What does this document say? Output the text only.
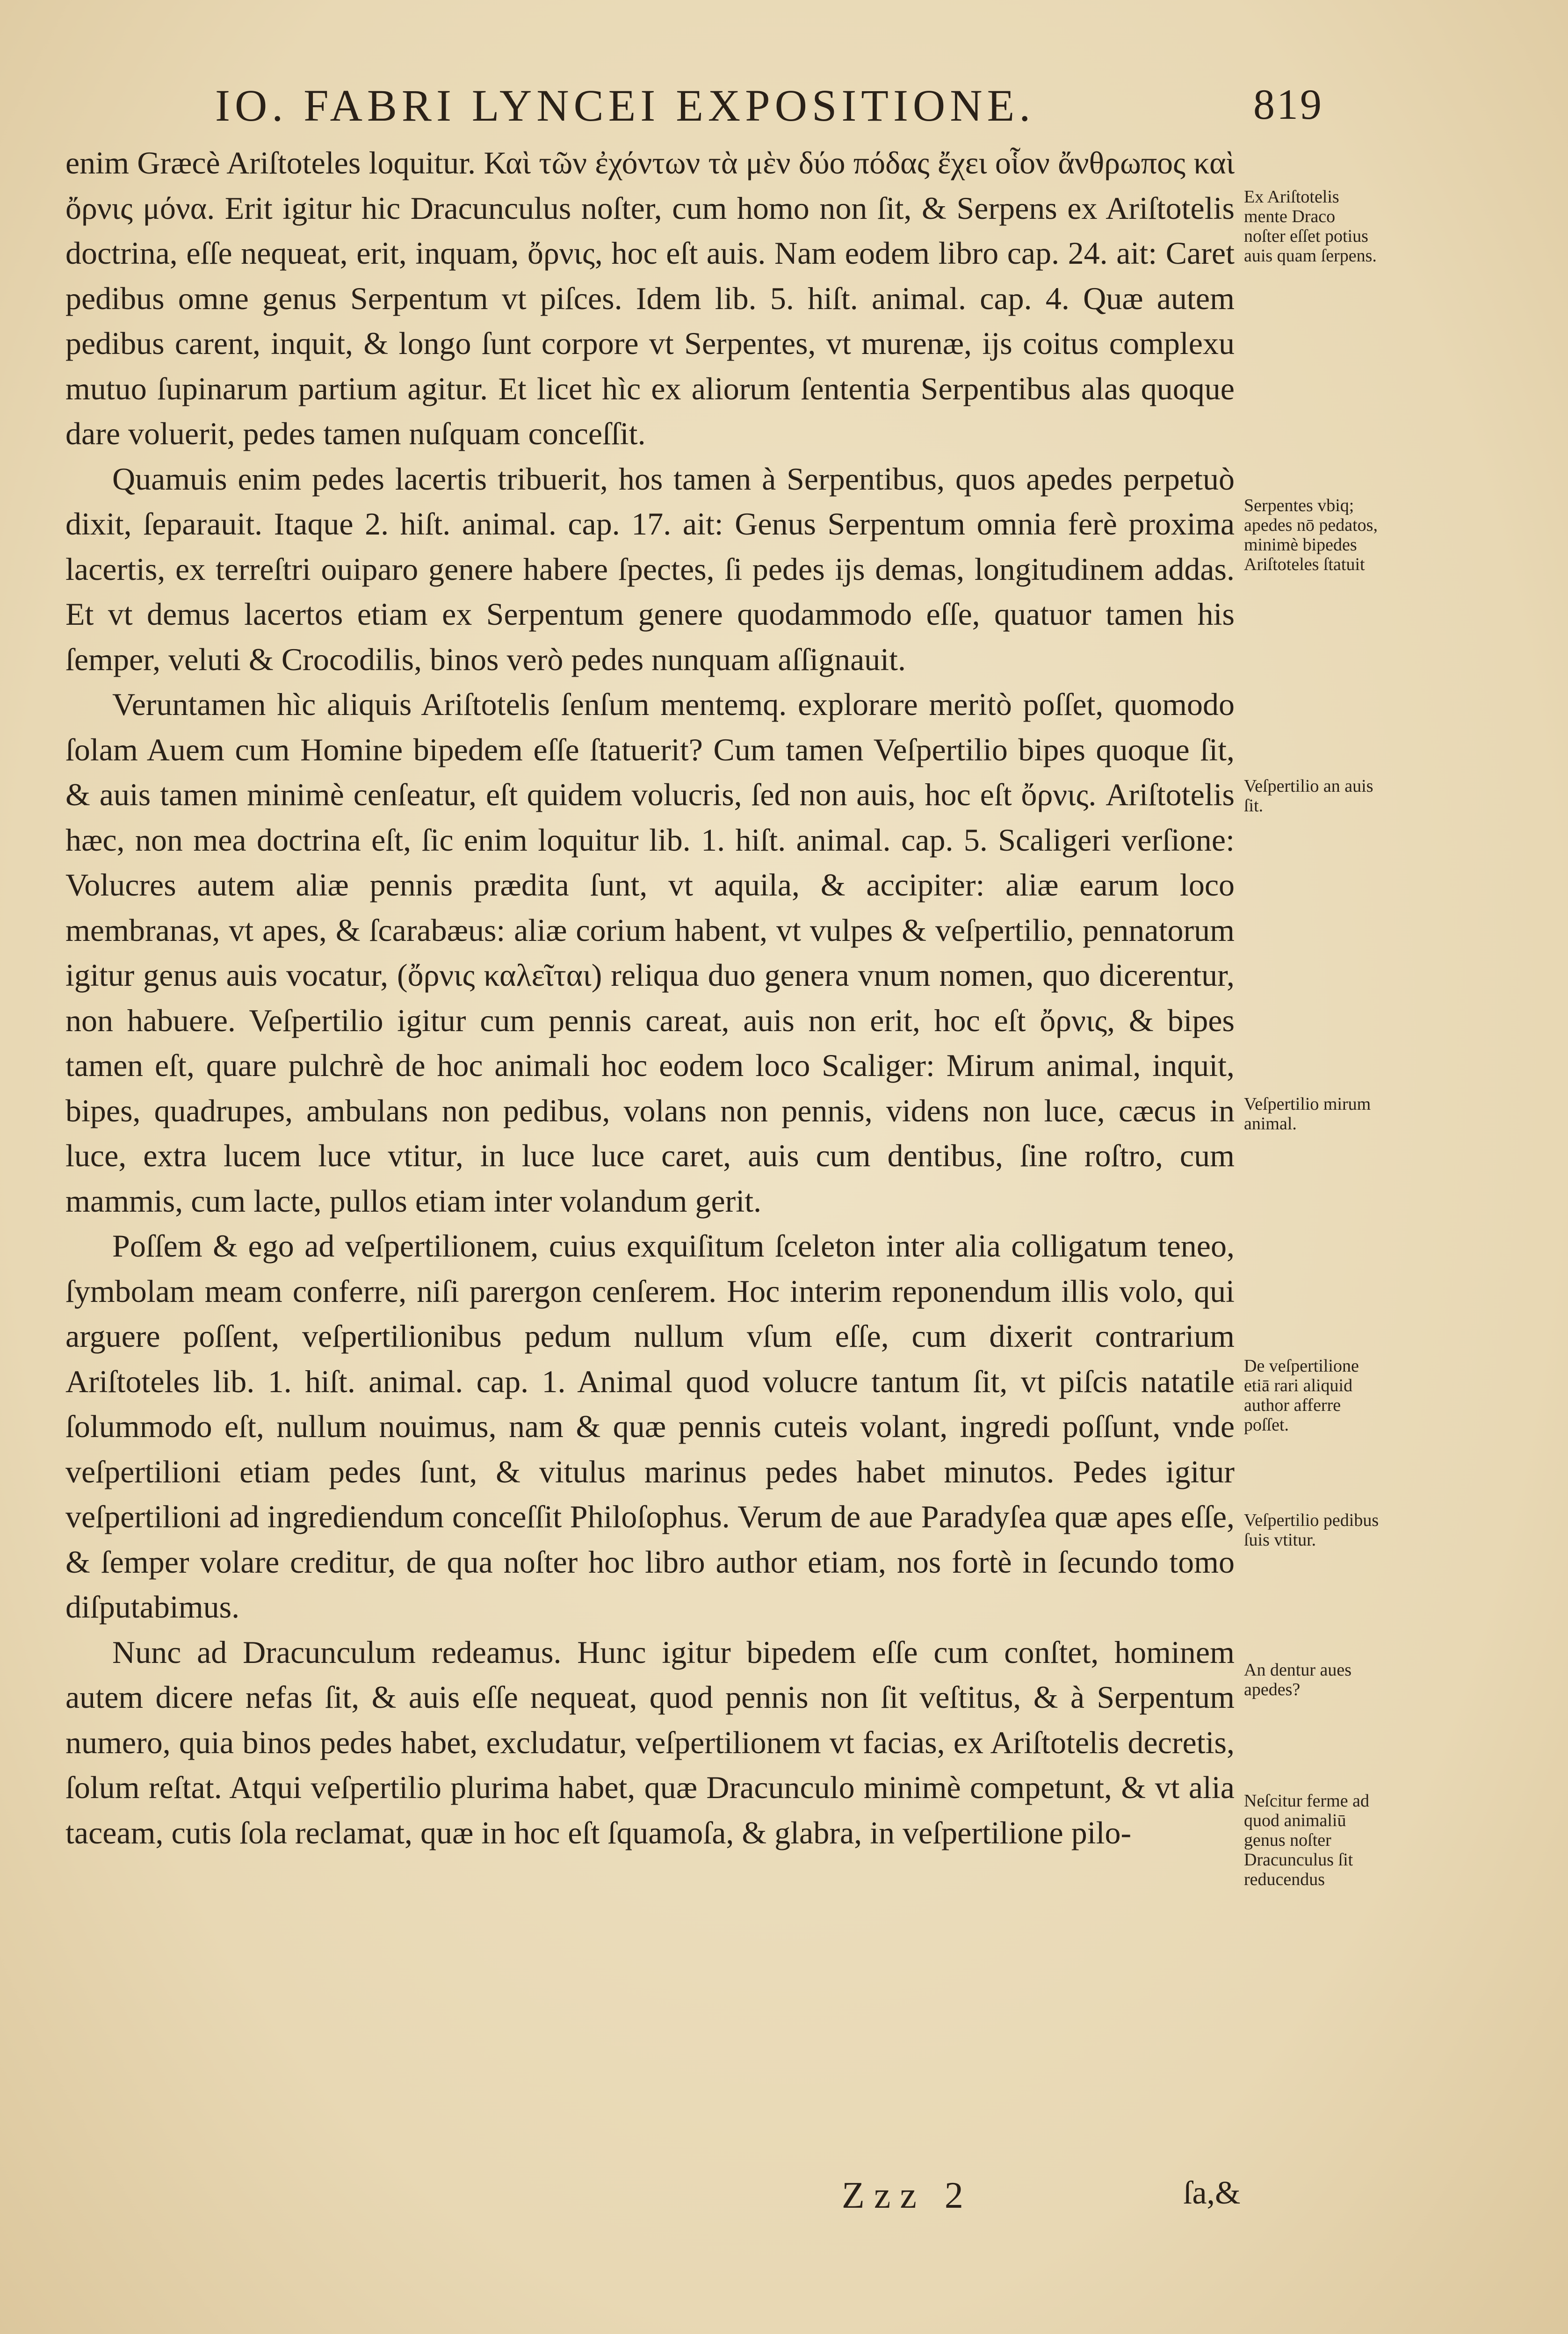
IO. FABRI LYNCEI EXPOSITIONE.	819

enim Græcè Ariſtoteles loquitur. Καὶ τῶν ἐχόντων τὰ μὲν δύο πόδας ἔχει οἷον ἄνθρωπος καὶ ὄρνις μόνα. Erit igitur hic Dracunculus noſter, cum homo non ſit, & Serpens ex Ariſtotelis doctrina, eſſe nequeat, erit, inquam, ὄρνις, hoc eſt auis. Nam eodem libro cap. 24. ait: Caret pedibus omne genus Serpentum vt piſces. Idem lib. 5. hiſt. animal. cap. 4. Quæ autem pedibus carent, inquit, & longo ſunt corpore vt Serpentes, vt murenæ, ijs coitus complexu mutuo ſupinarum partium agitur. Et licet hìc ex aliorum ſententia Serpentibus alas quoque dare voluerit, pedes tamen nuſquam conceſſit.

Quamuis enim pedes lacertis tribuerit, hos tamen à Serpentibus, quos apedes perpetuò dixit, ſeparauit. Itaque 2. hiſt. animal. cap. 17. ait: Genus Serpentum omnia ferè proxima lacertis, ex terreſtri ouiparo genere habere ſpectes, ſi pedes ijs demas, longitudinem addas. Et vt demus lacertos etiam ex Serpentum genere quodammodo eſſe, quatuor tamen his ſemper, veluti & Crocodilis, binos verò pedes nunquam aſſignauit.

Veruntamen hìc aliquis Ariſtotelis ſenſum mentemq. explorare meritò poſſet, quomodo ſolam Auem cum Homine bipedem eſſe ſtatuerit? Cum tamen Veſpertilio bipes quoque ſit, & auis tamen minimè cenſeatur, eſt quidem volucris, ſed non auis, hoc eſt ὄρνις. Ariſtotelis hæc, non mea doctrina eſt, ſic enim loquitur lib. 1. hiſt. animal. cap. 5. Scaligeri verſione: Volucres autem aliæ pennis prædita ſunt, vt aquila, & accipiter: aliæ earum loco membranas, vt apes, & ſcarabæus: aliæ corium habent, vt vulpes & veſpertilio, pennatorum igitur genus auis vocatur, (ὄρνις καλεῖται) reliqua duo genera vnum nomen, quo dicerentur, non habuere. Veſpertilio igitur cum pennis careat, auis non erit, hoc eſt ὄρνις, & bipes tamen eſt, quare pulchrè de hoc animali hoc eodem loco Scaliger: Mirum animal, inquit, bipes, quadrupes, ambulans non pedibus, volans non pennis, videns non luce, cæcus in luce, extra lucem luce vtitur, in luce luce caret, auis cum dentibus, ſine roſtro, cum mammis, cum lacte, pullos etiam inter volandum gerit.

Poſſem & ego ad veſpertilionem, cuius exquiſitum ſceleton inter alia colligatum teneo, ſymbolam meam conferre, niſi parergon cenſerem. Hoc interim reponendum illis volo, qui arguere poſſent, veſpertilionibus pedum nullum vſum eſſe, cum dixerit contrarium Ariſtoteles lib. 1. hiſt. animal. cap. 1. Animal quod volucre tantum ſit, vt piſcis natatile ſolummodo eſt, nullum nouimus, nam & quæ pennis cuteis volant, ingredi poſſunt, vnde veſpertilioni etiam pedes ſunt, & vitulus marinus pedes habet minutos. Pedes igitur veſpertilioni ad ingrediendum conceſſit Philoſophus. Verum de aue Paradyſea quæ apes eſſe, & ſemper volare creditur, de qua noſter hoc libro author etiam, nos fortè in ſecundo tomo diſputabimus.

Nunc ad Dracunculum redeamus. Hunc igitur bipedem eſſe cum conſtet, hominem autem dicere nefas ſit, & auis eſſe nequeat, quod pennis non ſit veſtitus, & à Serpentum numero, quia binos pedes habet, excludatur, veſpertilionem vt facias, ex Ariſtotelis decretis, ſolum reſtat. Atqui veſpertilio plurima habet, quæ Dracunculo minimè competunt, & vt alia taceam, cutis ſola reclamat, quæ in hoc eſt ſquamoſa, & glabra, in veſpertilione pilo-

Ex Ariſtotelis mente Draco noſter eſſet potius auis quam ſerpens.

Serpentes vbiq; apedes nō pedatos, minimè bipedes Ariſtoteles ſtatuit

Veſpertilio an auis ſit.

Veſpertilio mirum animal.

De veſpertilione etiā rari aliquid author afferre poſſet.

Veſpertilio pedibus ſuis vtitur.

An dentur aues apedes?

Neſcitur ferme ad quod animaliū genus noſter Dracunculus ſit reducendus

Zzz 2	ſa,&
